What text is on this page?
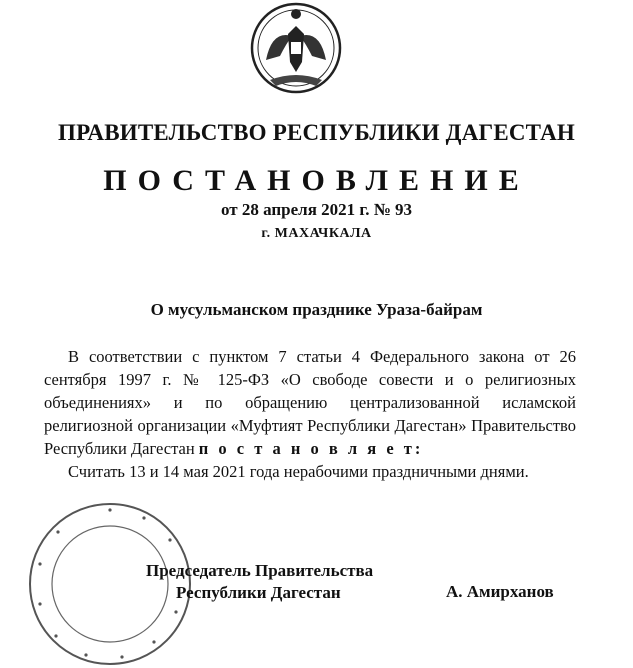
ПРАВИТЕЛЬСТВО РЕСПУБЛИКИ ДАГЕСТАН
ПОСТАНОВЛЕНИЕ
от 28 апреля 2021 г. № 93
г. МАХАЧКАЛА
О мусульманском празднике Ураза-байрам

В соответствии с пунктом 7 статьи 4 Федерального закона от 26 сентября 1997 г. № 125-ФЗ «О свободе совести и о религиозных объединениях» и по обращению централизованной исламской религиозной организации «Муфтият Республики Дагестан» Правительство Республики Дагестан п о с т а н о в л я е т:

Считать 13 и 14 мая 2021 года нерабочими праздничными днями.

Председатель Правительства
Республики Дагестан	А. Амирханов
